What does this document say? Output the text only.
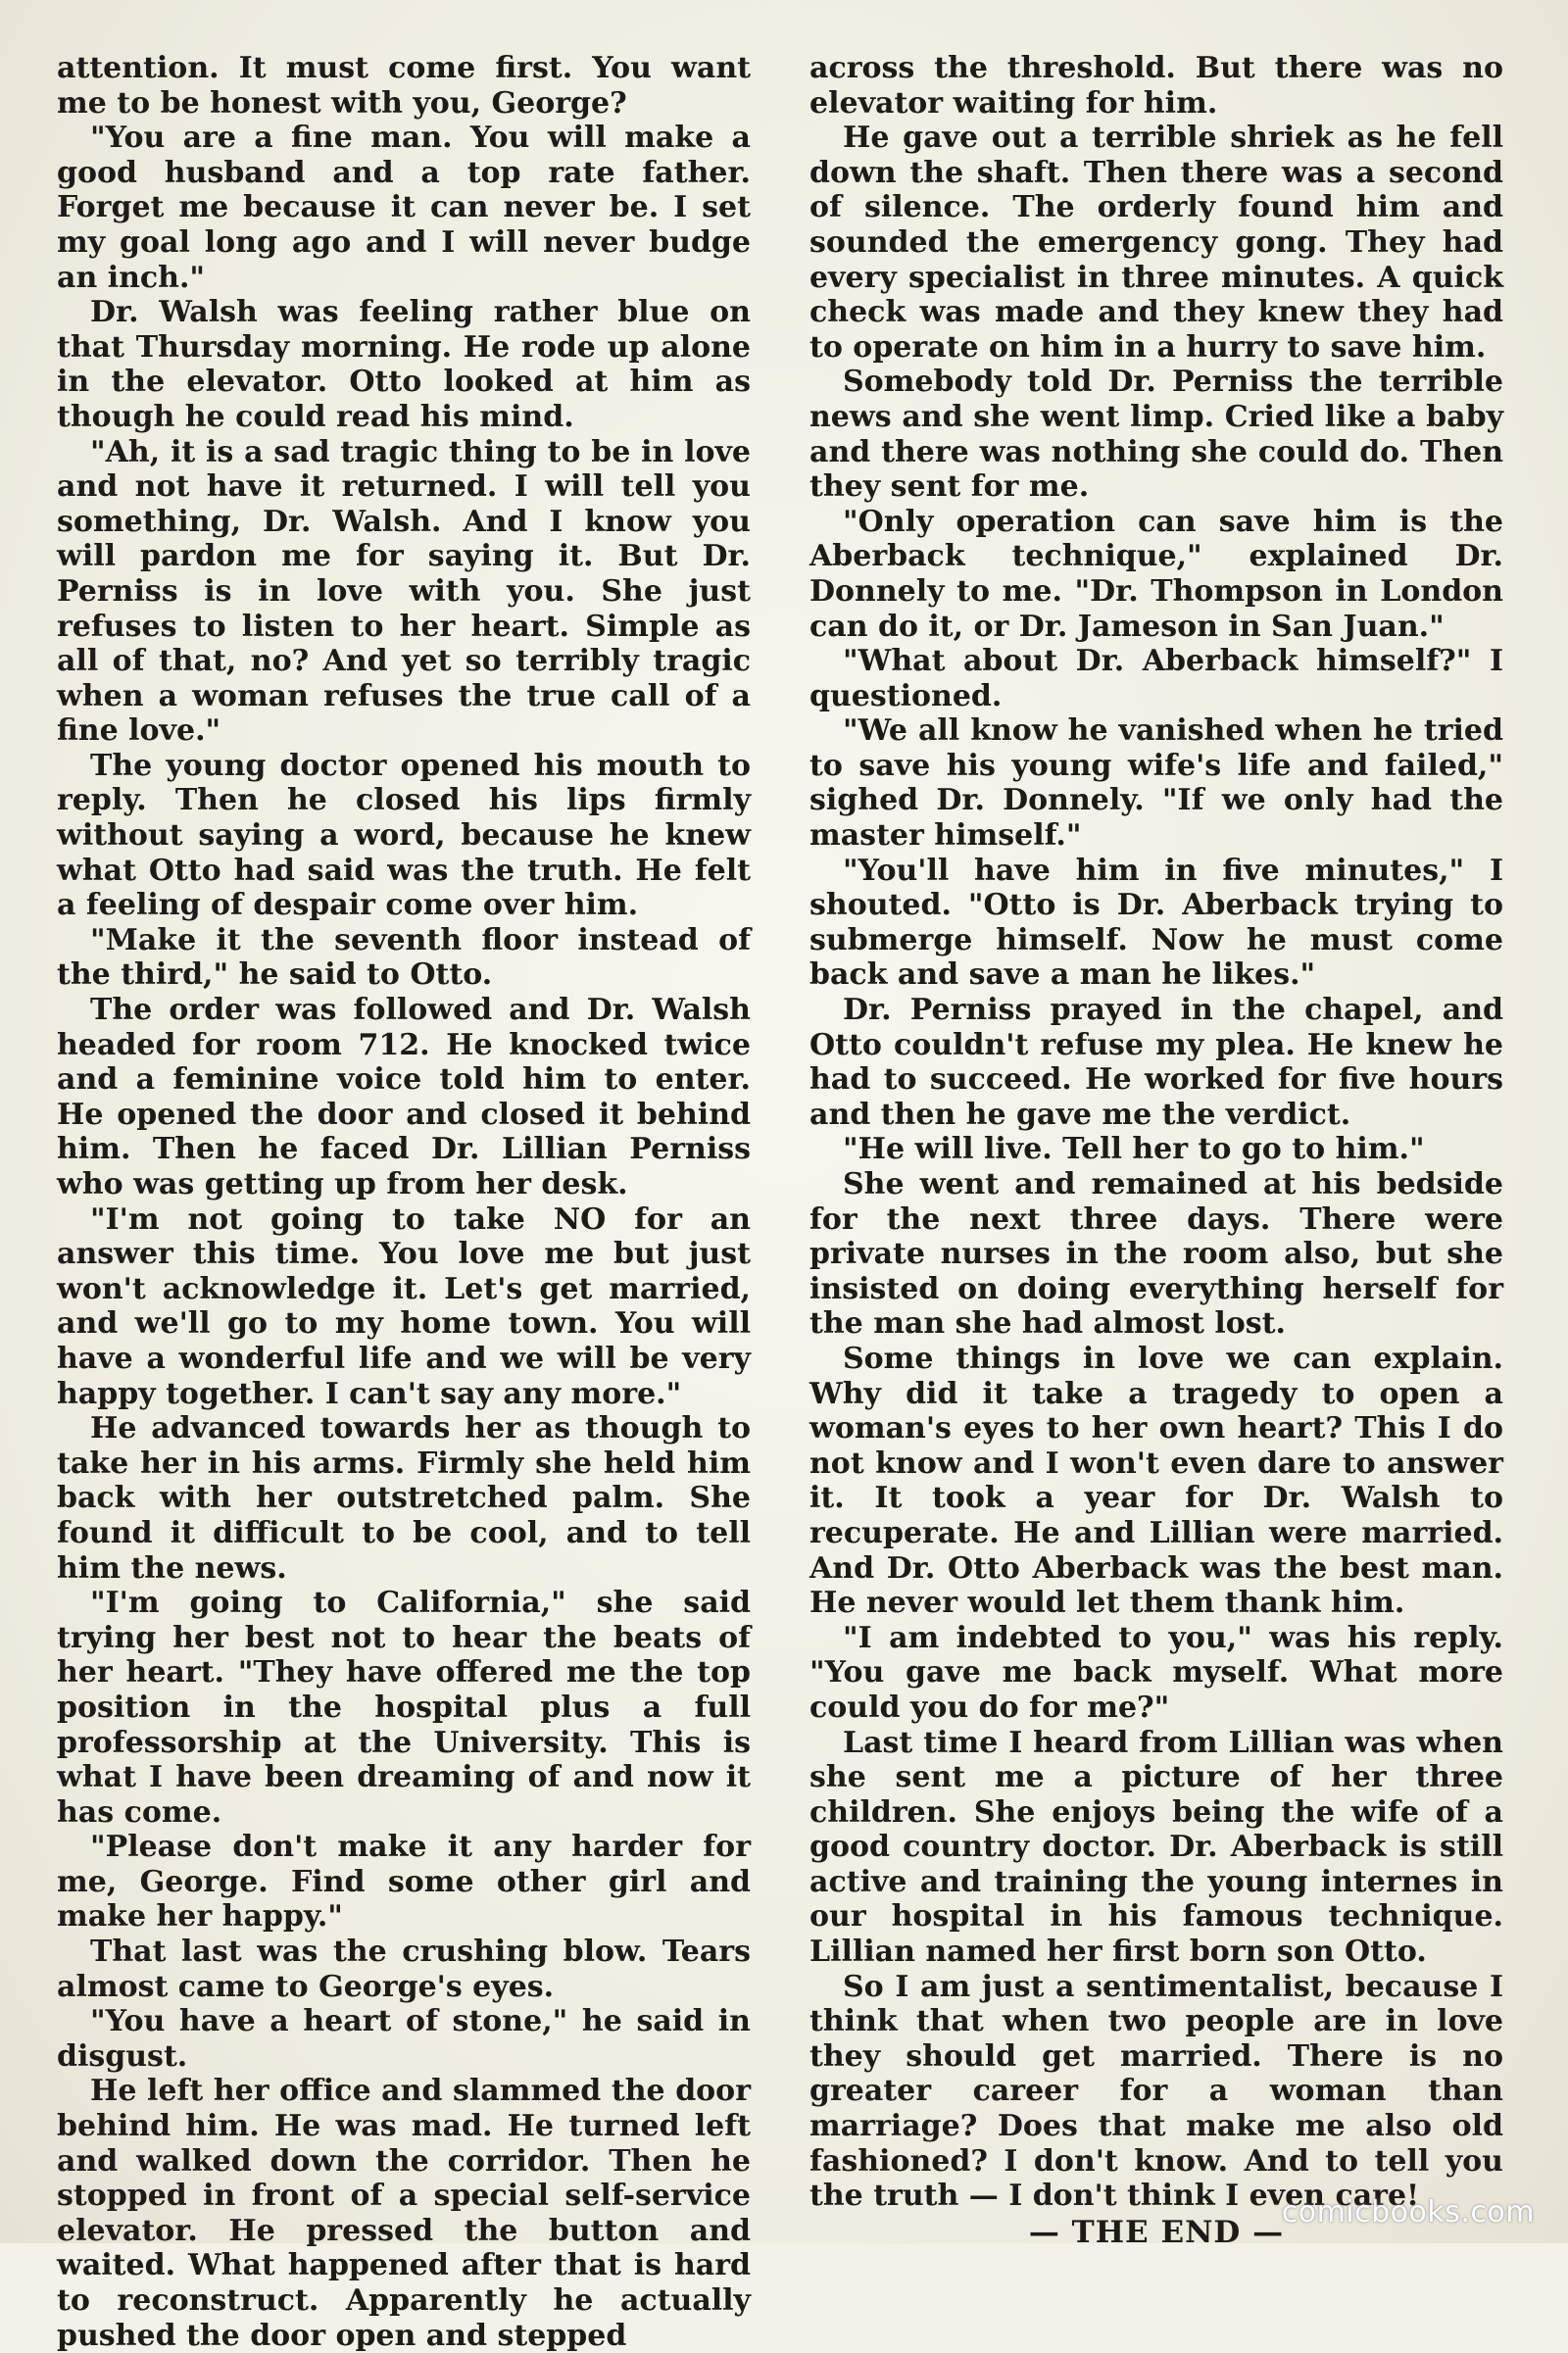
attention. It must come first. You want me to be honest with you, George?

"You are a fine man. You will make a good husband and a top rate father. Forget me because it can never be. I set my goal long ago and I will never budge an inch."

Dr. Walsh was feeling rather blue on that Thursday morning. He rode up alone in the elevator. Otto looked at him as though he could read his mind.

"Ah, it is a sad tragic thing to be in love and not have it returned. I will tell you something, Dr. Walsh. And I know you will pardon me for saying it. But Dr. Perniss is in love with you. She just refuses to listen to her heart. Simple as all of that, no? And yet so terribly tragic when a woman refuses the true call of a fine love."

The young doctor opened his mouth to reply. Then he closed his lips firmly without saying a word, because he knew what Otto had said was the truth. He felt a feeling of despair come over him.

"Make it the seventh floor instead of the third," he said to Otto.

The order was followed and Dr. Walsh headed for room 712. He knocked twice and a feminine voice told him to enter. He opened the door and closed it behind him. Then he faced Dr. Lillian Perniss who was getting up from her desk.

"I'm not going to take NO for an answer this time. You love me but just won't acknowledge it. Let's get married, and we'll go to my home town. You will have a wonderful life and we will be very happy together. I can't say any more."

He advanced towards her as though to take her in his arms. Firmly she held him back with her outstretched palm. She found it difficult to be cool, and to tell him the news.

"I'm going to California," she said trying her best not to hear the beats of her heart. "They have offered me the top position in the hospital plus a full professorship at the University. This is what I have been dreaming of and now it has come.

"Please don't make it any harder for me, George. Find some other girl and make her happy."

That last was the crushing blow. Tears almost came to George's eyes.

"You have a heart of stone," he said in disgust.

He left her office and slammed the door behind him. He was mad. He turned left and walked down the corridor. Then he stopped in front of a special self-service elevator. He pressed the button and waited. What happened after that is hard to reconstruct. Apparently he actually pushed the door open and stepped

across the threshold. But there was no elevator waiting for him.

He gave out a terrible shriek as he fell down the shaft. Then there was a second of silence. The orderly found him and sounded the emergency gong. They had every specialist in three minutes. A quick check was made and they knew they had to operate on him in a hurry to save him.

Somebody told Dr. Perniss the terrible news and she went limp. Cried like a baby and there was nothing she could do. Then they sent for me.

"Only operation can save him is the Aberback technique," explained Dr. Donnely to me. "Dr. Thompson in London can do it, or Dr. Jameson in San Juan."

"What about Dr. Aberback himself?" I questioned.

"We all know he vanished when he tried to save his young wife's life and failed," sighed Dr. Donnely. "If we only had the master himself."

"You'll have him in five minutes," I shouted. "Otto is Dr. Aberback trying to submerge himself. Now he must come back and save a man he likes."

Dr. Perniss prayed in the chapel, and Otto couldn't refuse my plea. He knew he had to succeed. He worked for five hours and then he gave me the verdict.

"He will live. Tell her to go to him."

She went and remained at his bedside for the next three days. There were private nurses in the room also, but she insisted on doing everything herself for the man she had almost lost.

Some things in love we can explain. Why did it take a tragedy to open a woman's eyes to her own heart? This I do not know and I won't even dare to answer it. It took a year for Dr. Walsh to recuperate. He and Lillian were married. And Dr. Otto Aberback was the best man. He never would let them thank him.

"I am indebted to you," was his reply. "You gave me back myself. What more could you do for me?"

Last time I heard from Lillian was when she sent me a picture of her three children. She enjoys being the wife of a good country doctor. Dr. Aberback is still active and training the young internes in our hospital in his famous technique. Lillian named her first born son Otto.

So I am just a sentimentalist, because I think that when two people are in love they should get married. There is no greater career for a woman than marriage? Does that make me also old fashioned? I don't know. And to tell you the truth — I don't think I even care!

— THE END —
comicbooks.com
